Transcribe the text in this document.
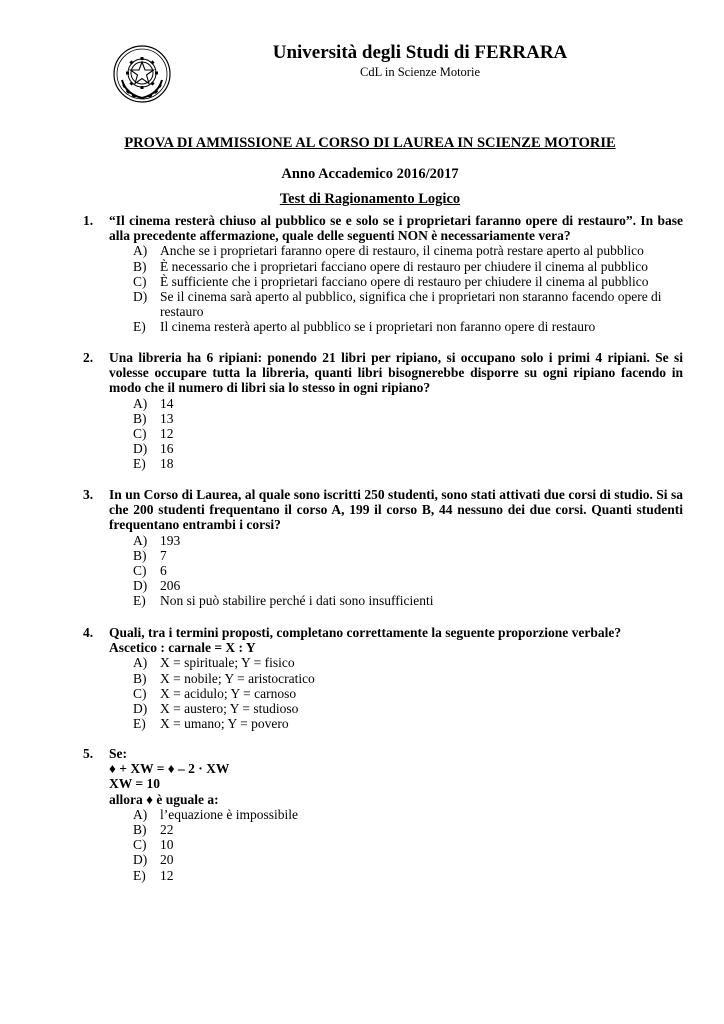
Università degli Studi di FERRARA
CdL in Scienze Motorie
PROVA DI AMMISSIONE AL CORSO DI LAUREA IN SCIENZE MOTORIE
Anno Accademico 2016/2017
Test di Ragionamento Logico
1. “Il cinema resterà chiuso al pubblico se e solo se i proprietari faranno opere di restauro”. In base alla precedente affermazione, quale delle seguenti NON è necessariamente vera?
A) Anche se i proprietari faranno opere di restauro, il cinema potrà restare aperto al pubblico
B) È necessario che i proprietari facciano opere di restauro per chiudere il cinema al pubblico
C) È sufficiente che i proprietari facciano opere di restauro per chiudere il cinema al pubblico
D) Se il cinema sarà aperto al pubblico, significa che i proprietari non staranno facendo opere di restauro
E) Il cinema resterà aperto al pubblico se i proprietari non faranno opere di restauro
2. Una libreria ha 6 ripiani: ponendo 21 libri per ripiano, si occupano solo i primi 4 ripiani. Se si volesse occupare tutta la libreria, quanti libri bisognerebbe disporre su ogni ripiano facendo in modo che il numero di libri sia lo stesso in ogni ripiano?
A) 14
B) 13
C) 12
D) 16
E) 18
3. In un Corso di Laurea, al quale sono iscritti 250 studenti, sono stati attivati due corsi di studio. Si sa che 200 studenti frequentano il corso A, 199 il corso B, 44 nessuno dei due corsi. Quanti studenti frequentano entrambi i corsi?
A) 193
B) 7
C) 6
D) 206
E) Non si può stabilire perché i dati sono insufficienti
4. Quali, tra i termini proposti, completano correttamente la seguente proporzione verbale?
Ascetico : carnale = X : Y
A) X = spirituale; Y = fisico
B) X = nobile; Y = aristocratico
C) X = acidulo; Y = carnoso
D) X = austero; Y = studioso
E) X = umano; Y = povero
5. Se:
♦ + XW = ♦ – 2 · XW
XW = 10
allora ♦ è uguale a:
A) l’equazione è impossibile
B) 22
C) 10
D) 20
E) 12
